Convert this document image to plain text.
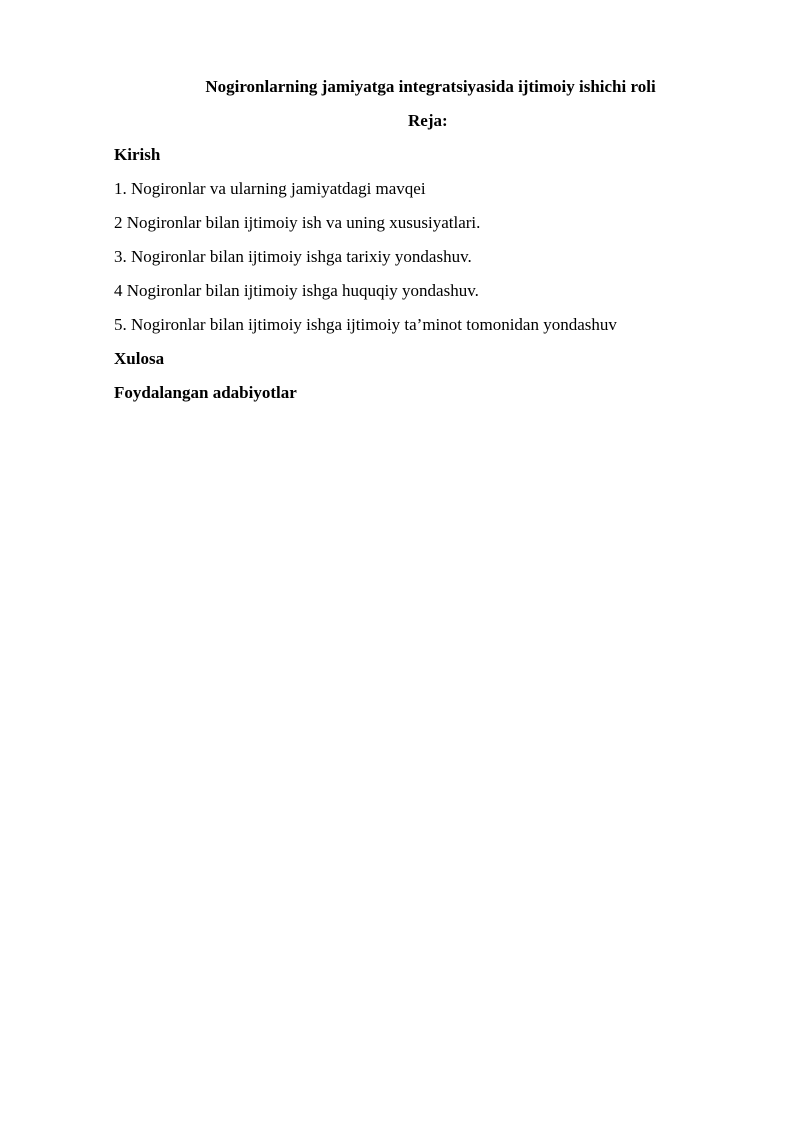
Nogironlarning jamiyatga integratsiyasida ijtimoiy ishichi roli
Reja:
Kirish
1. Nogironlar va ularning jamiyatdagi mavqei
2 Nogironlar bilan ijtimoiy ish va uning xususiyatlari.
3. Nogironlar bilan ijtimoiy ishga tarixiy yondashuv.
4 Nogironlar bilan ijtimoiy ishga huquqiy yondashuv.
5. Nogironlar bilan ijtimoiy ishga ijtimoiy ta’minot tomonidan yondashuv
Xulosa
Foydalangan adabiyotlar
